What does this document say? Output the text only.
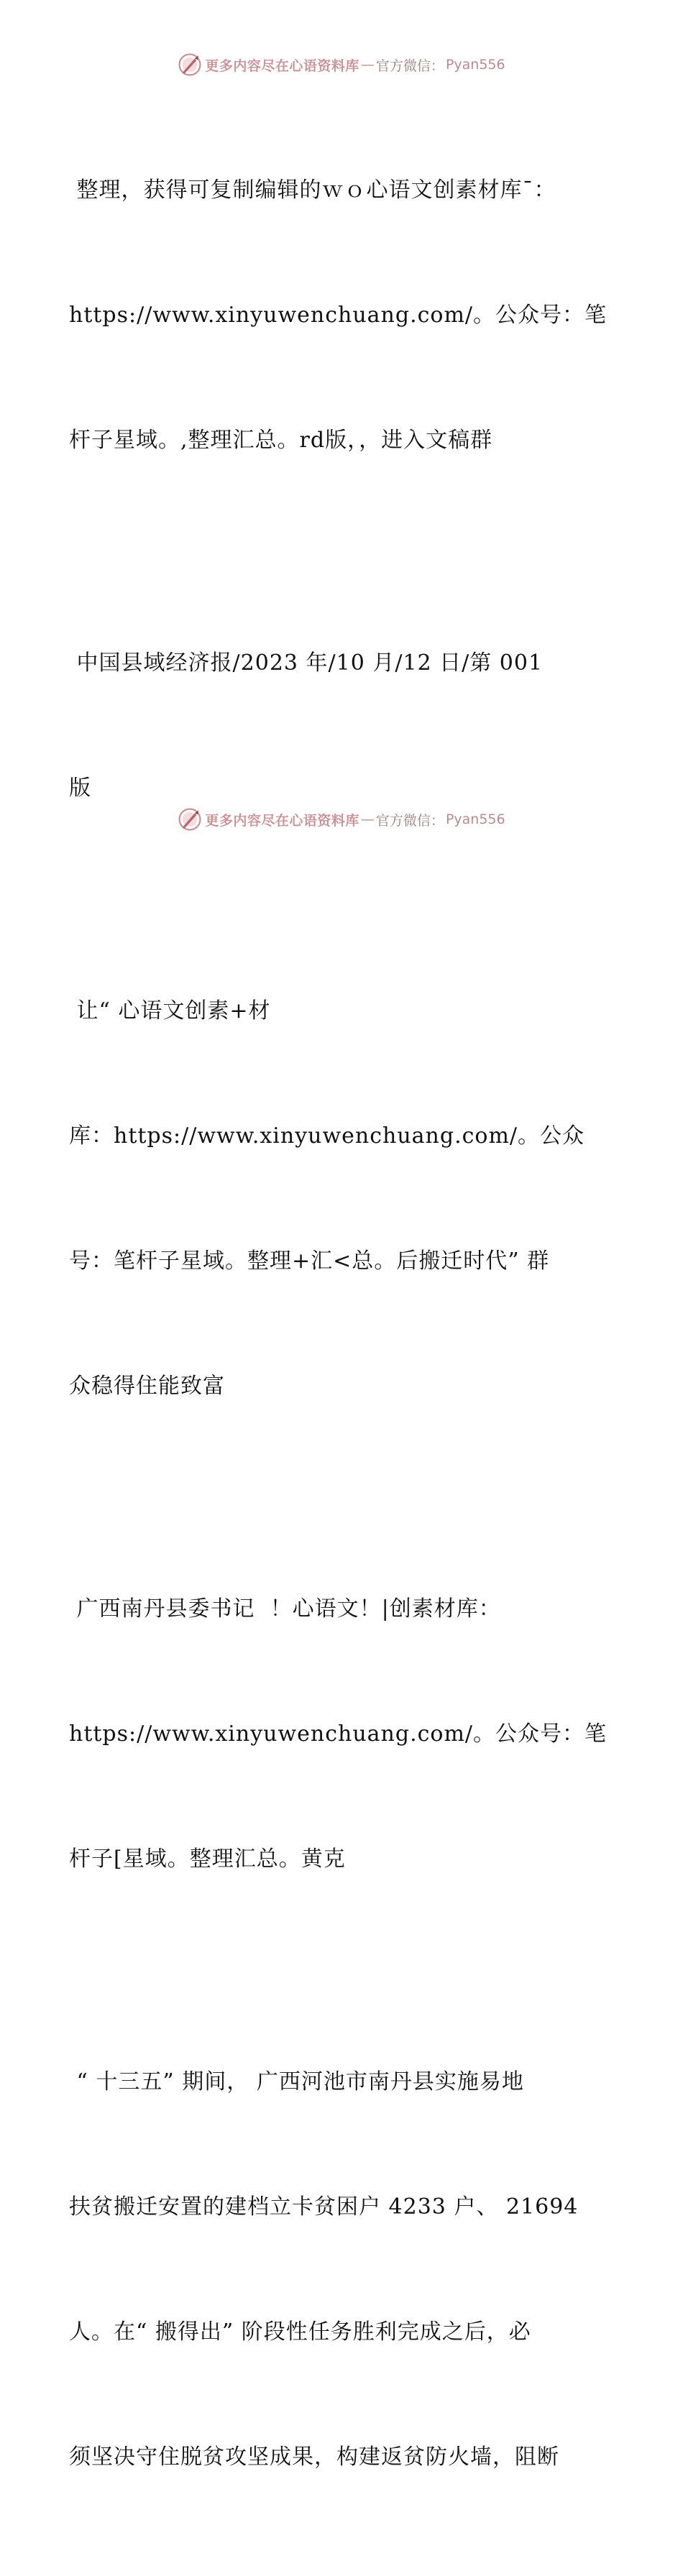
更多内容尽在心语资料库 — 官方微信： Pyan556

整理，获得可复制编辑的ｗｏ心语文创素材库¯：

https://www.xinyuwenchuang.com/。公众号：笔

杆子星域。,整理汇总。rd版，，进入文稿群

中国县域经济报/2023 年/10 月/12 日/第 001

版

让“ 心语文创素+材

库：https://www.xinyuwenchuang.com/。公众

号：笔杆子星域。整理+汇<总。后搬迁时代” 群

众稳得住能致富

广西南丹县委书记  ！心语文！|创素材库：

https://www.xinyuwenchuang.com/。公众号：笔

杆子[星域。整理汇总。黄克

“ 十三五” 期间， 广西河池市南丹县实施易地

扶贫搬迁安置的建档立卡贫困户 4233 户、 21694

人。在“ 搬得出” 阶段性任务胜利完成之后，必

须坚决守住脱贫攻坚成果，构建返贫防火墙，阻断

更多内容尽在心语资料库 — 官方微信： Pyan556
